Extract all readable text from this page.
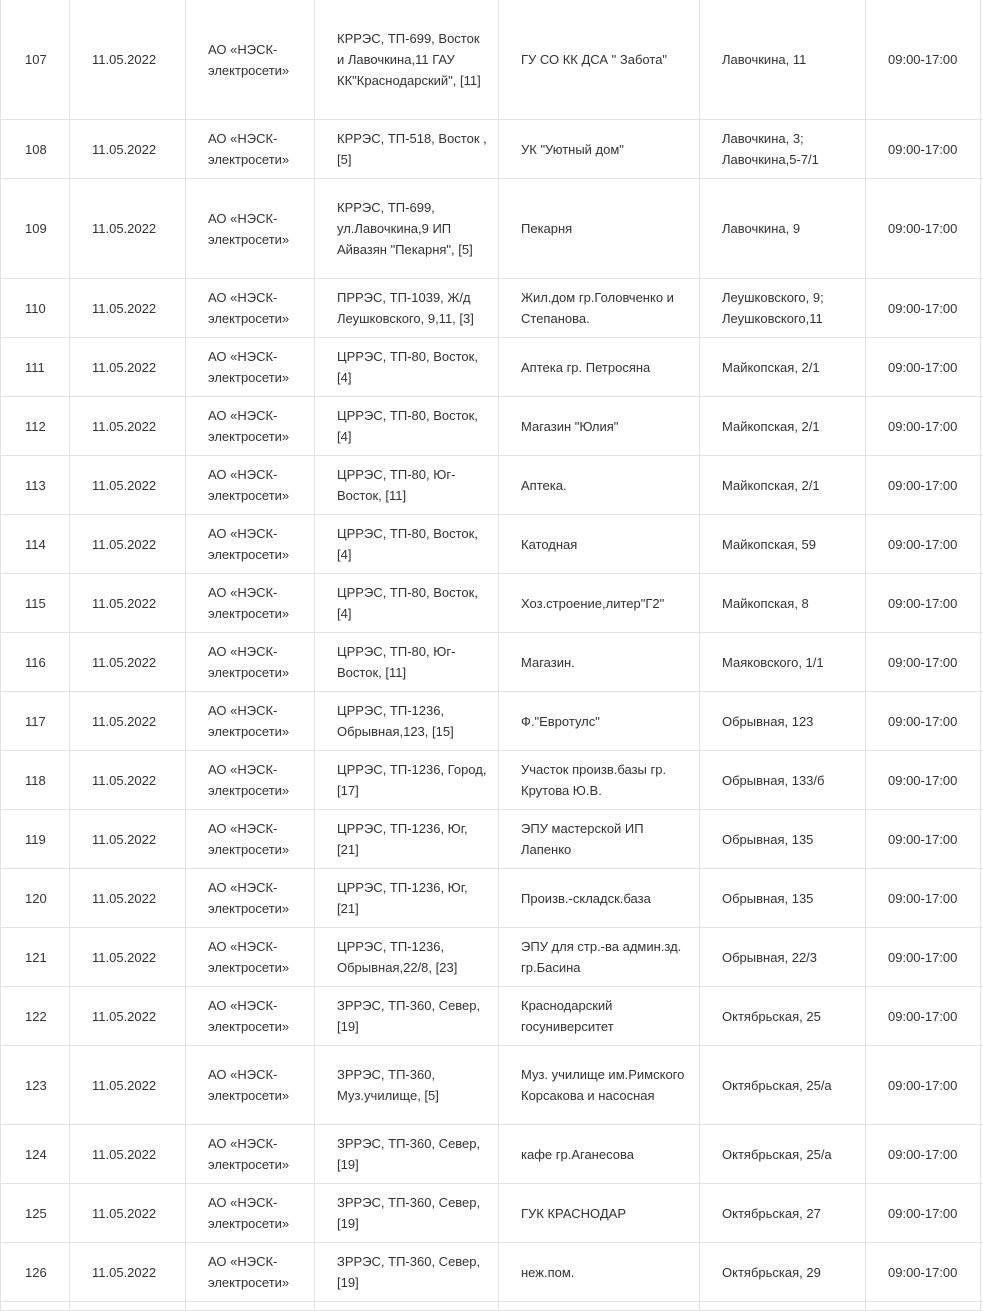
107	11.05.2022	АО «НЭСК-электросети»	КРРЭС, ТП-699, Восток и Лавочкина,11 ГАУ КК"Краснодарский", [11]	ГУ СО КК ДСА " Забота"	Лавочкина, 11	09:00-17:00	
108	11.05.2022	АО «НЭСК-электросети»	КРРЭС, ТП-518, Восток , [5]	УК "Уютный дом"	Лавочкина, 3; Лавочкина,5-7/1	09:00-17:00	
109	11.05.2022	АО «НЭСК-электросети»	КРРЭС, ТП-699, ул.Лавочкина,9 ИП Айвазян "Пекарня", [5]	Пекарня	Лавочкина, 9	09:00-17:00	
110	11.05.2022	АО «НЭСК-электросети»	ПРРЭС, ТП-1039, Ж/д Леушковского, 9,11, [3]	Жил.дом гр.Головченко и Степанова.	Леушковского, 9; Леушковского,11	09:00-17:00	
111	11.05.2022	АО «НЭСК-электросети»	ЦРРЭС, ТП-80, Восток, [4]	Аптека гр. Петросяна	Майкопская, 2/1	09:00-17:00	
112	11.05.2022	АО «НЭСК-электросети»	ЦРРЭС, ТП-80, Восток, [4]	Магазин "Юлия"	Майкопская, 2/1	09:00-17:00	
113	11.05.2022	АО «НЭСК-электросети»	ЦРРЭС, ТП-80, Юг-Восток, [11]	Аптека.	Майкопская, 2/1	09:00-17:00	
114	11.05.2022	АО «НЭСК-электросети»	ЦРРЭС, ТП-80, Восток, [4]	Катодная	Майкопская, 59	09:00-17:00	
115	11.05.2022	АО «НЭСК-электросети»	ЦРРЭС, ТП-80, Восток, [4]	Хоз.строение,литер"Г2"	Майкопская, 8	09:00-17:00	
116	11.05.2022	АО «НЭСК-электросети»	ЦРРЭС, ТП-80, Юг-Восток, [11]	Магазин.	Маяковского, 1/1	09:00-17:00	
117	11.05.2022	АО «НЭСК-электросети»	ЦРРЭС, ТП-1236, Обрывная,123, [15]	Ф."Евротулс"	Обрывная, 123	09:00-17:00	
118	11.05.2022	АО «НЭСК-электросети»	ЦРРЭС, ТП-1236, Город, [17]	Участок произв.базы гр. Крутова Ю.В.	Обрывная, 133/б	09:00-17:00	
119	11.05.2022	АО «НЭСК-электросети»	ЦРРЭС, ТП-1236, Юг, [21]	ЭПУ мастерской ИП Лапенко	Обрывная, 135	09:00-17:00	
120	11.05.2022	АО «НЭСК-электросети»	ЦРРЭС, ТП-1236, Юг, [21]	Произв.-складск.база	Обрывная, 135	09:00-17:00	
121	11.05.2022	АО «НЭСК-электросети»	ЦРРЭС, ТП-1236, Обрывная,22/8, [23]	ЭПУ для стр.-ва админ.зд. гр.Басина	Обрывная, 22/3	09:00-17:00	
122	11.05.2022	АО «НЭСК-электросети»	ЗРРЭС, ТП-360, Север, [19]	Краснодарский госуниверситет	Октябрьская, 25	09:00-17:00	
123	11.05.2022	АО «НЭСК-электросети»	ЗРРЭС, ТП-360, Муз.училище, [5]	Муз. училище им.Римского Корсакова и насосная	Октябрьская, 25/а	09:00-17:00	
124	11.05.2022	АО «НЭСК-электросети»	ЗРРЭС, ТП-360, Север, [19]	кафе гр.Аганесова	Октябрьская, 25/а	09:00-17:00	
125	11.05.2022	АО «НЭСК-электросети»	ЗРРЭС, ТП-360, Север, [19]	ГУК КРАСНОДАР	Октябрьская, 27	09:00-17:00	
126	11.05.2022	АО «НЭСК-электросети»	ЗРРЭС, ТП-360, Север, [19]	неж.пом.	Октябрьская, 29	09:00-17:00	
